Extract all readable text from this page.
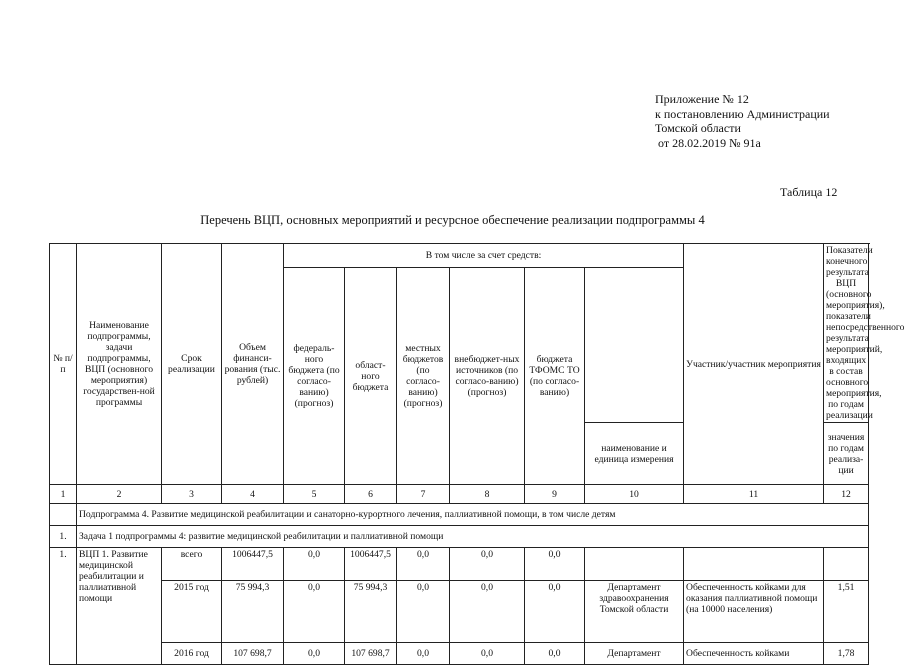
Приложение № 12
к постановлению Администрации
Томской области
от 28.02.2019 № 91а
Таблица 12
Перечень ВЦП, основных мероприятий и ресурсное обеспечение реализации подпрограммы 4
№ п/п	Наименование подпрограммы, задачи подпрограммы, ВЦП (основного мероприятия) государствен-ной программы	Срок реализации	Объем финанси-рования (тыс. рублей)	В том числе за счет средств:						Участник/участник мероприятия	Показатели конечного результата ВЦП (основного мероприятия), показатели непосредственного результата мероприятий, входящих в состав основного мероприятия, по годам реализации
				федераль-ного бюджета (по согласо-ванию) (прогноз)	област-ного бюджета	местных бюджетов (по согласо-ванию) (прогноз)	внебюджет-ных источников (по согласо-ванию) (прогноз)	бюджета ТФОМС ТО (по согласо-ванию)		
									наименование и единица измерения		значения по годам реализа-ции
1	2	3	4	5	6	7	8	9	10	11	12
	Подпрограмма 4. Развитие медицинской реабилитации и санаторно-курортного лечения, паллиативной помощи, в том числе детям										
1.	Задача 1 подпрограммы 4: развитие медицинской реабилитации и паллиативной помощи										
1.	ВЦП 1. Развитие медицинской реабилитации и паллиативной помощи	всего	1006447,5	0,0	1006447,5	0,0	0,0	0,0			
		2015 год	75 994,3	0,0	75 994,3	0,0	0,0	0,0	Департамент здравоохранения Томской области	Обеспеченность койками для оказания паллиативной помощи (на 10000 населения)	1,51
		2016 год	107 698,7	0,0	107 698,7	0,0	0,0	0,0	Департамент	Обеспеченность койками	1,78
